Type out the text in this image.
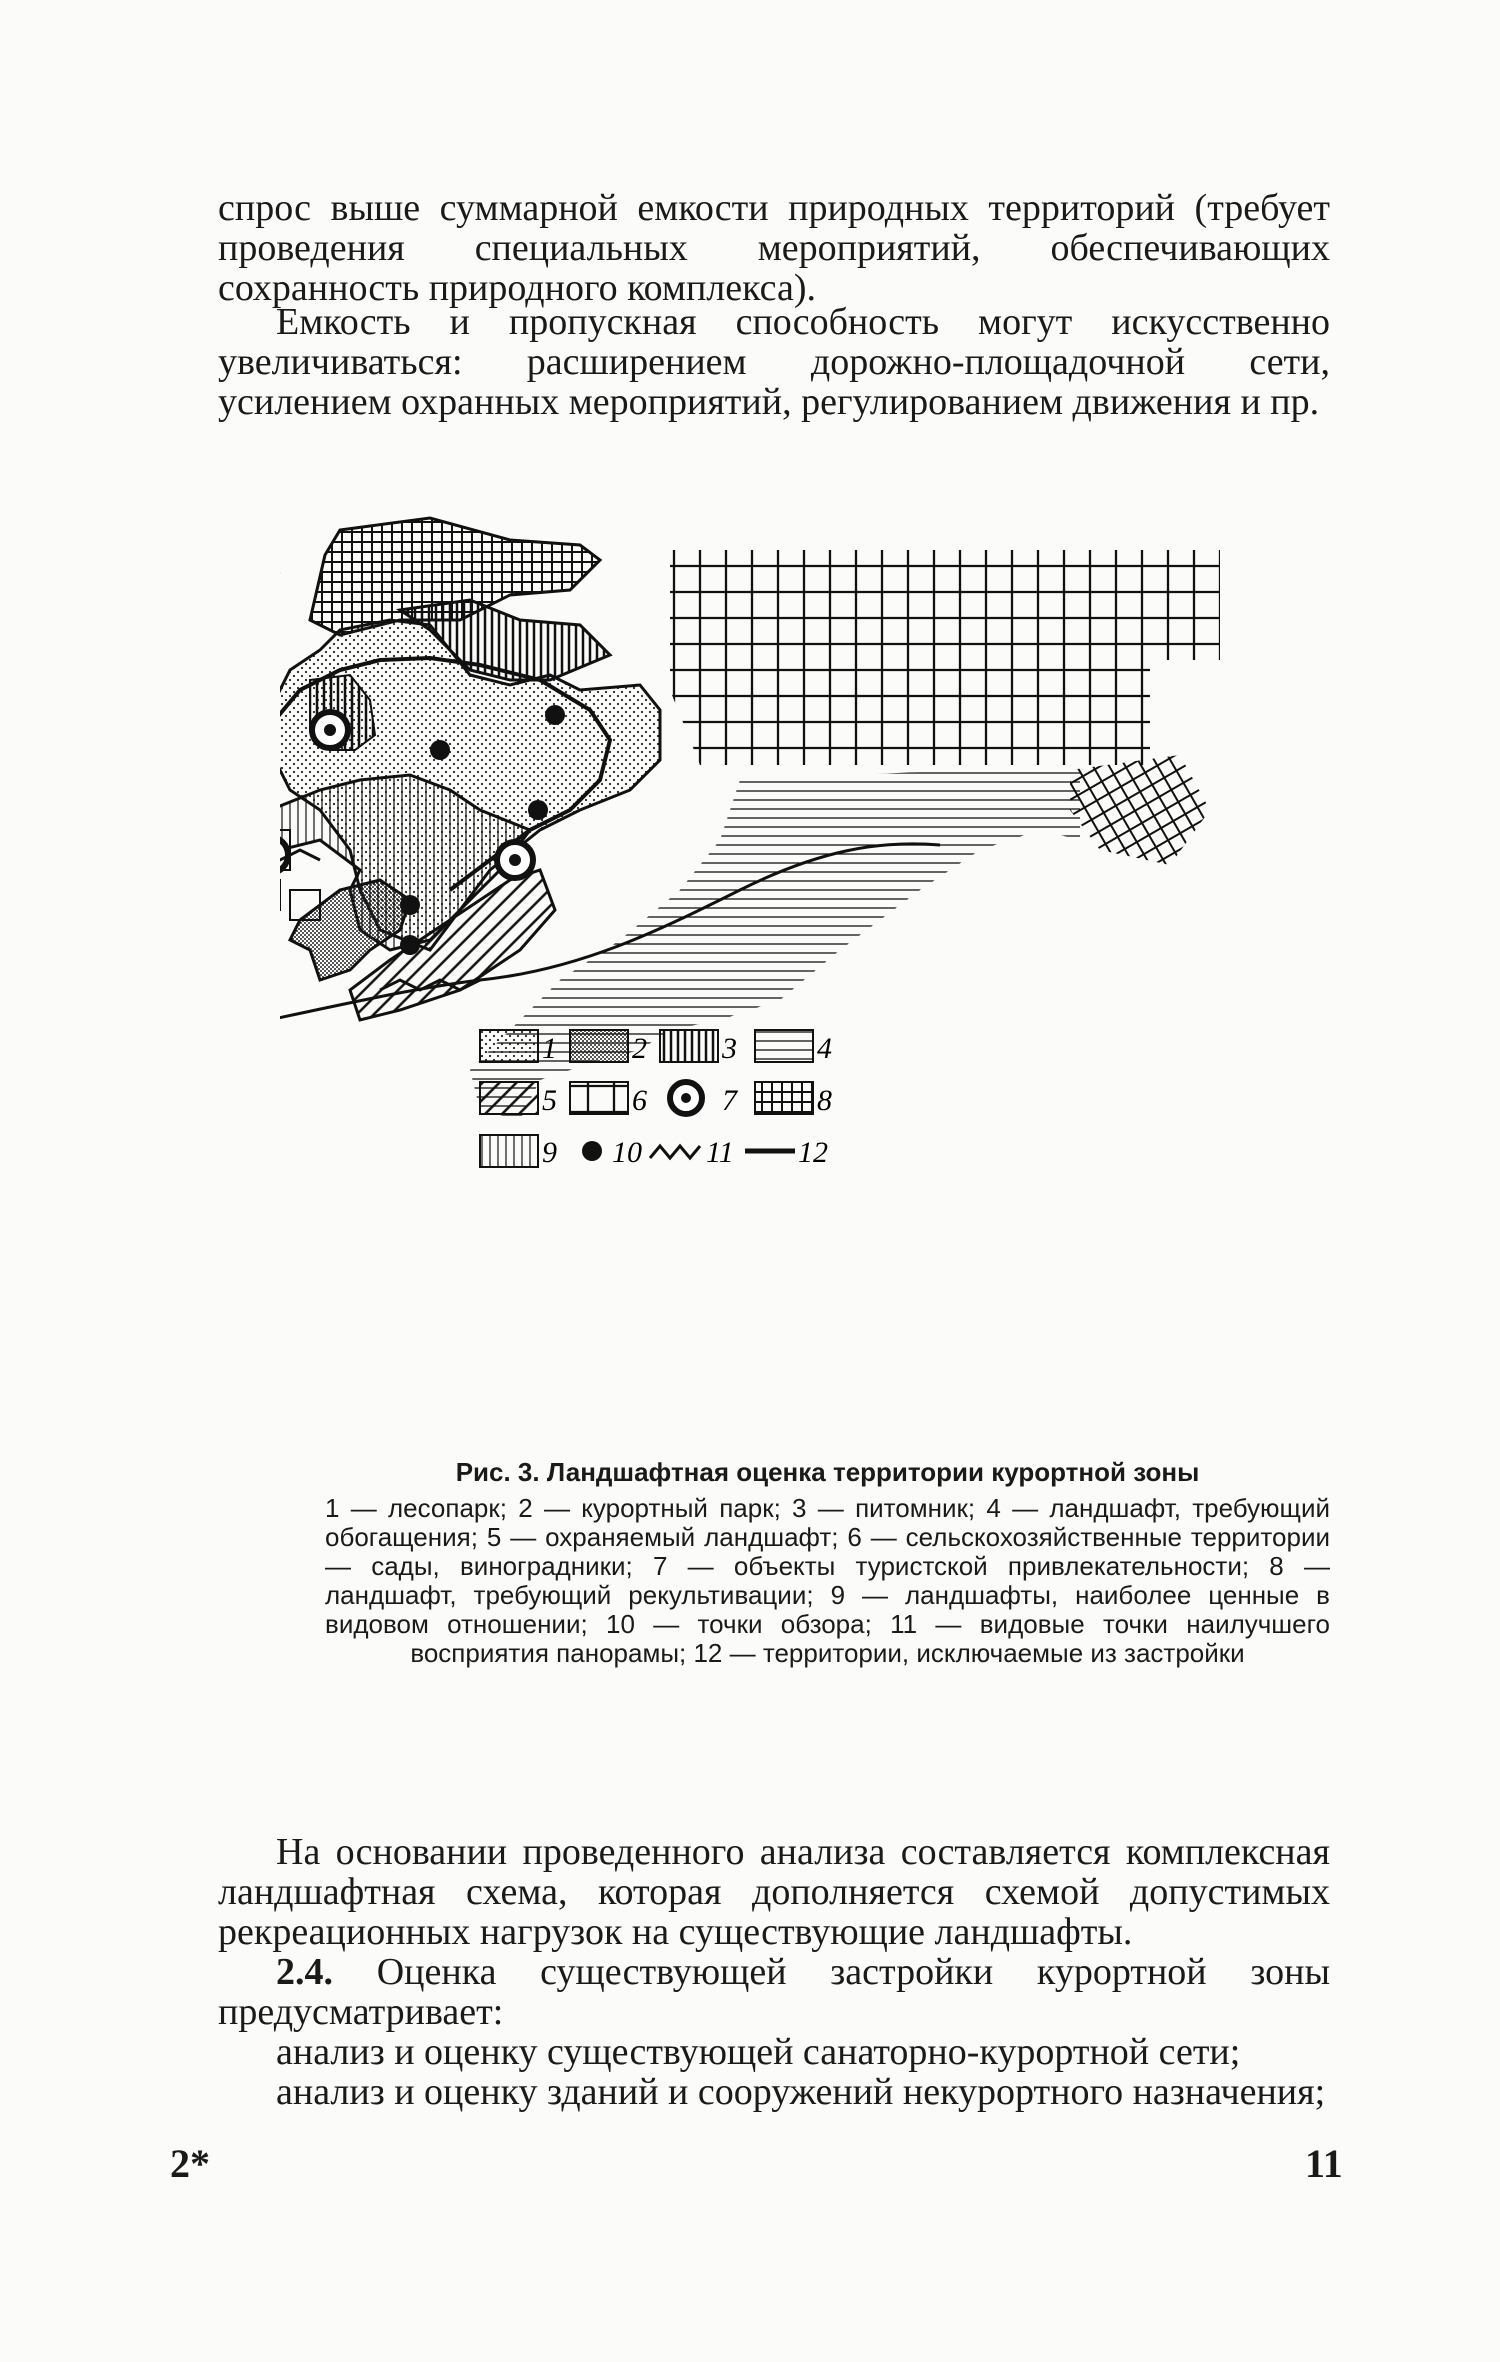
спрос выше суммарной емкости природных территорий (требует проведения специальных мероприятий, обеспечивающих сохранность природного комплекса).

Емкость и пропускная способность могут искусственно увеличиваться: расширением дорожно-площадочной сети, усилением охранных мероприятий, регулированием движения и пр.

1	2	3	4
5	6	7	8
9 10 11 12

Рис. 3. Ландшафтная оценка территории курортной зоны

1 — лесопарк; 2 — курортный парк; 3 — питомник; 4 — ландшафт, требующий обогащения; 5 — охраняемый ландшафт; 6 — сельскохозяйственные территории — сады, виноградники; 7 — объекты туристской привлекательности; 8 — ландшафт, требующий рекультивации; 9 — ландшафты, наиболее ценные в видовом отношении; 10 — точки обзора; 11 — видовые точки наилучшего восприятия панорамы; 12 — территории, исключаемые из застройки

На основании проведенного анализа составляется комплексная ландшафтная схема, которая дополняется схемой допустимых рекреационных нагрузок на существующие ландшафты.

2.4. Оценка существующей застройки курортной зоны предусматривает:

анализ и оценку существующей санаторно-курортной сети;

анализ и оценку зданий и сооружений некурортного назначения;

2*	11
